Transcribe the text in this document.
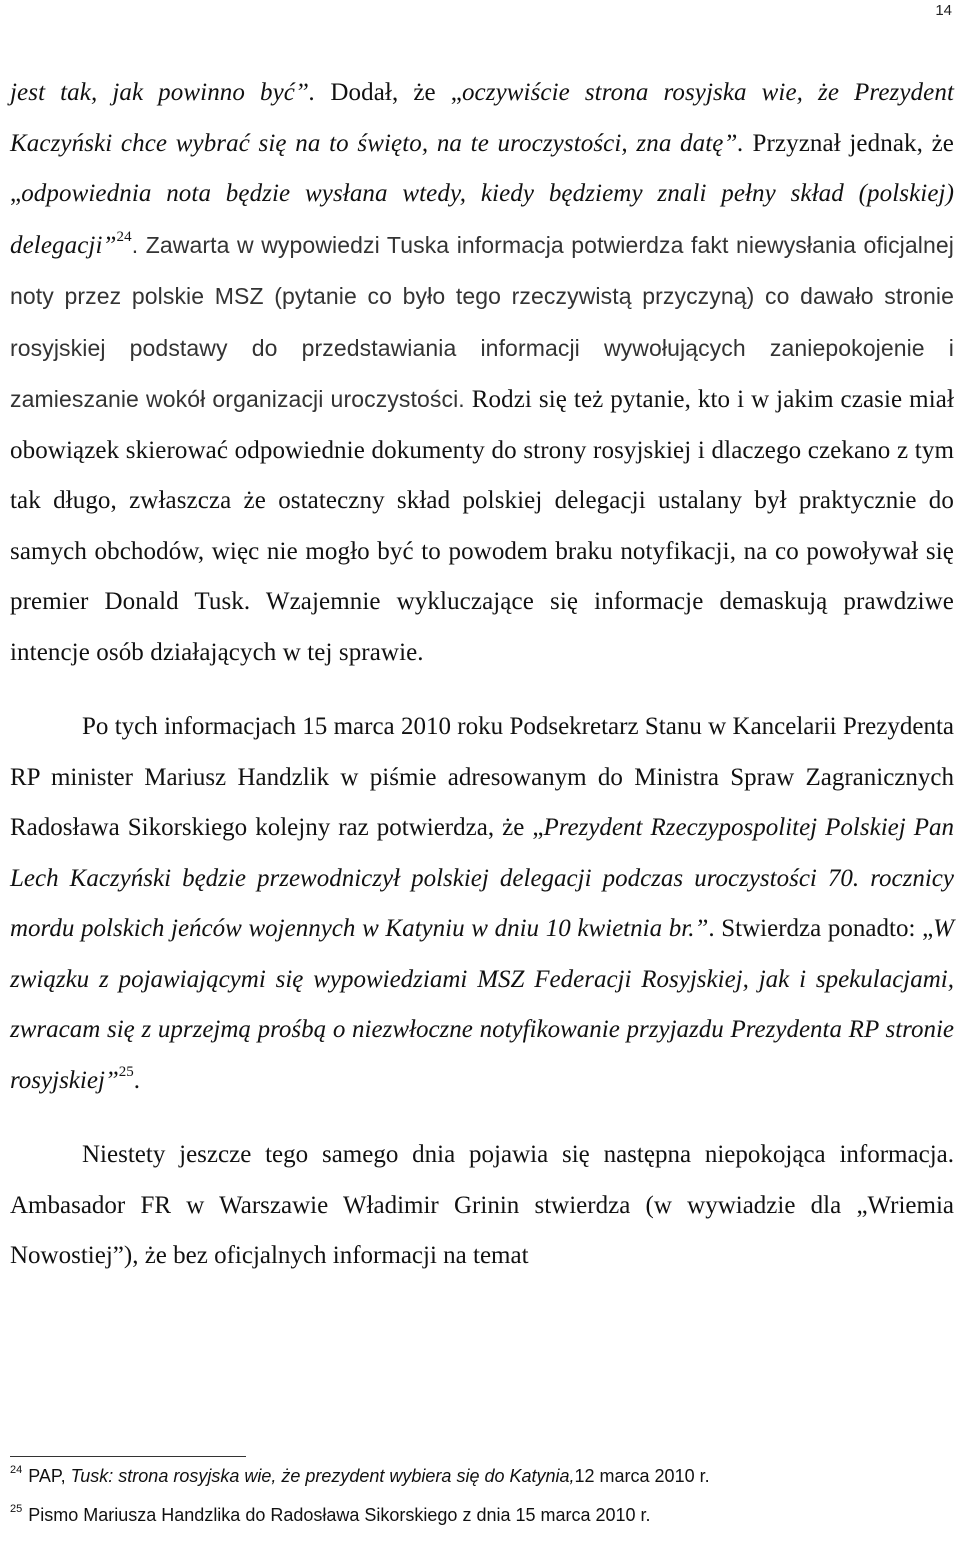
14

jest tak, jak powinno być”. Dodał, że „oczywiście strona rosyjska wie, że Prezydent Kaczyński chce wybrać się na to święto, na te uroczystości, zna datę”. Przyznał jednak, że „odpowiednia nota będzie wysłana wtedy, kiedy będziemy znali pełny skład (polskiej) delegacji”$^{24}$. Zawarta w wypowiedzi Tuska informacja potwierdza fakt niewysłania oficjalnej noty przez polskie MSZ (pytanie co było tego rzeczywistą przyczyną) co dawało stronie rosyjskiej podstawy do przedstawiania informacji wywołujących zaniepokojenie i zamieszanie wokół organizacji uroczystości. Rodzi się też pytanie, kto i w jakim czasie miał obowiązek skierować odpowiednie dokumenty do strony rosyjskiej i dlaczego czekano z tym tak długo, zwłaszcza że ostateczny skład polskiej delegacji ustalany był praktycznie do samych obchodów, więc nie mogło być to powodem braku notyfikacji, na co powoływał się premier Donald Tusk. Wzajemnie wykluczające się informacje demaskują prawdziwe intencje osób działających w tej sprawie.

Po tych informacjach 15 marca 2010 roku Podsekretarz Stanu w Kancelarii Prezydenta RP minister Mariusz Handzlik w piśmie adresowanym do Ministra Spraw Zagranicznych Radosława Sikorskiego kolejny raz potwierdza, że „Prezydent Rzeczypospolitej Polskiej Pan Lech Kaczyński będzie przewodniczył polskiej delegacji podczas uroczystości 70. rocznicy mordu polskich jeńców wojennych w Katyniu w dniu 10 kwietnia br.”. Stwierdza ponadto: „W związku z pojawiającymi się wypowiedziami MSZ Federacji Rosyjskiej, jak i spekulacjami, zwracam się z uprzejmą prośbą o niezwłoczne notyfikowanie przyjazdu Prezydenta RP stronie rosyjskiej”$^{25}$.

Niestety jeszcze tego samego dnia pojawia się następna niepokojąca informacja. Ambasador FR w Warszawie Władimir Grinin stwierdza (w wywiadzie dla „Wriemia Nowostiej”), że bez oficjalnych informacji na temat

$^{24}$ PAP, Tusk: strona rosyjska wie, że prezydent wybiera się do Katynia,12 marca 2010 r.

$^{25}$ Pismo Mariusza Handzlika do Radosława Sikorskiego z dnia 15 marca 2010 r.
